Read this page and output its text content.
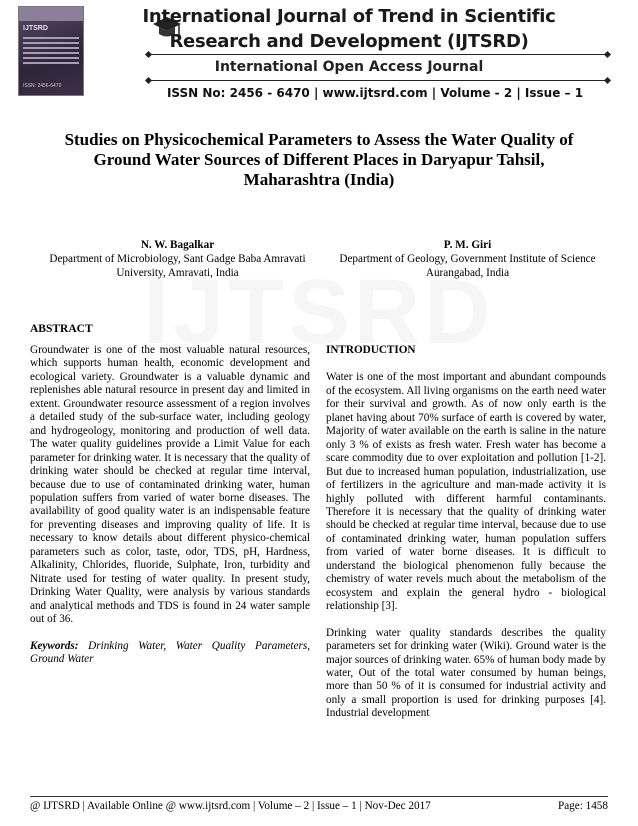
IJTSRD
ISSN: 2456-6470
International Journal of Trend in Scientific
Research and Development (IJTSRD)
International Open Access Journal
ISSN No: 2456 - 6470 | www.ijtsrd.com | Volume - 2 | Issue – 1
Studies on Physicochemical Parameters to Assess the Water Quality of Ground Water Sources of Different Places in Daryapur Tahsil, Maharashtra (India)
N. W. Bagalkar
Department of Microbiology, Sant Gadge Baba Amravati University, Amravati, India
P. M. Giri
Department of Geology, Government Institute of Science Aurangabad, India
ABSTRACT

Groundwater is one of the most valuable natural resources, which supports human health, economic development and ecological variety. Groundwater is a valuable dynamic and replenishes able natural resource in present day and limited in extent. Groundwater resource assessment of a region involves a detailed study of the sub-surface water, including geology and hydrogeology, monitoring and production of well data. The water quality guidelines provide a Limit Value for each parameter for drinking water. It is necessary that the quality of drinking water should be checked at regular time interval, because due to use of contaminated drinking water, human population suffers from varied of water borne diseases. The availability of good quality water is an indispensable feature for preventing diseases and improving quality of life. It is necessary to know details about different physico-chemical parameters such as color, taste, odor, TDS, pH, Hardness, Alkalinity, Chlorides, fluoride, Sulphate, Iron, turbidity and Nitrate used for testing of water quality. In present study, Drinking Water Quality, were analysis by various standards and analytical methods and TDS is found in 24 water sample out of 36.

Keywords: Drinking Water, Water Quality Parameters, Ground Water

INTRODUCTION

Water is one of the most important and abundant compounds of the ecosystem. All living organisms on the earth need water for their survival and growth. As of now only earth is the planet having about 70% surface of earth is covered by water, Majority of water available on the earth is saline in the nature only 3 % of exists as fresh water. Fresh water has become a scare commodity due to over exploitation and pollution [1-2]. But due to increased human population, industrialization, use of fertilizers in the agriculture and man-made activity it is highly polluted with different harmful contaminants. Therefore it is necessary that the quality of drinking water should be checked at regular time interval, because due to use of contaminated drinking water, human population suffers from varied of water borne diseases. It is difficult to understand the biological phenomenon fully because the chemistry of water revels much about the metabolism of the ecosystem and explain the general hydro - biological relationship [3].

Drinking water quality standards describes the quality parameters set for drinking water (Wiki). Ground water is the major sources of drinking water. 65% of human body made by water, Out of the total water consumed by human beings, more than 50 % of it is consumed for industrial activity and only a small proportion is used for drinking purposes [4]. Industrial development

@ IJTSRD | Available Online @ www.ijtsrd.com | Volume – 2 | Issue – 1 | Nov-Dec 2017	Page: 1458
